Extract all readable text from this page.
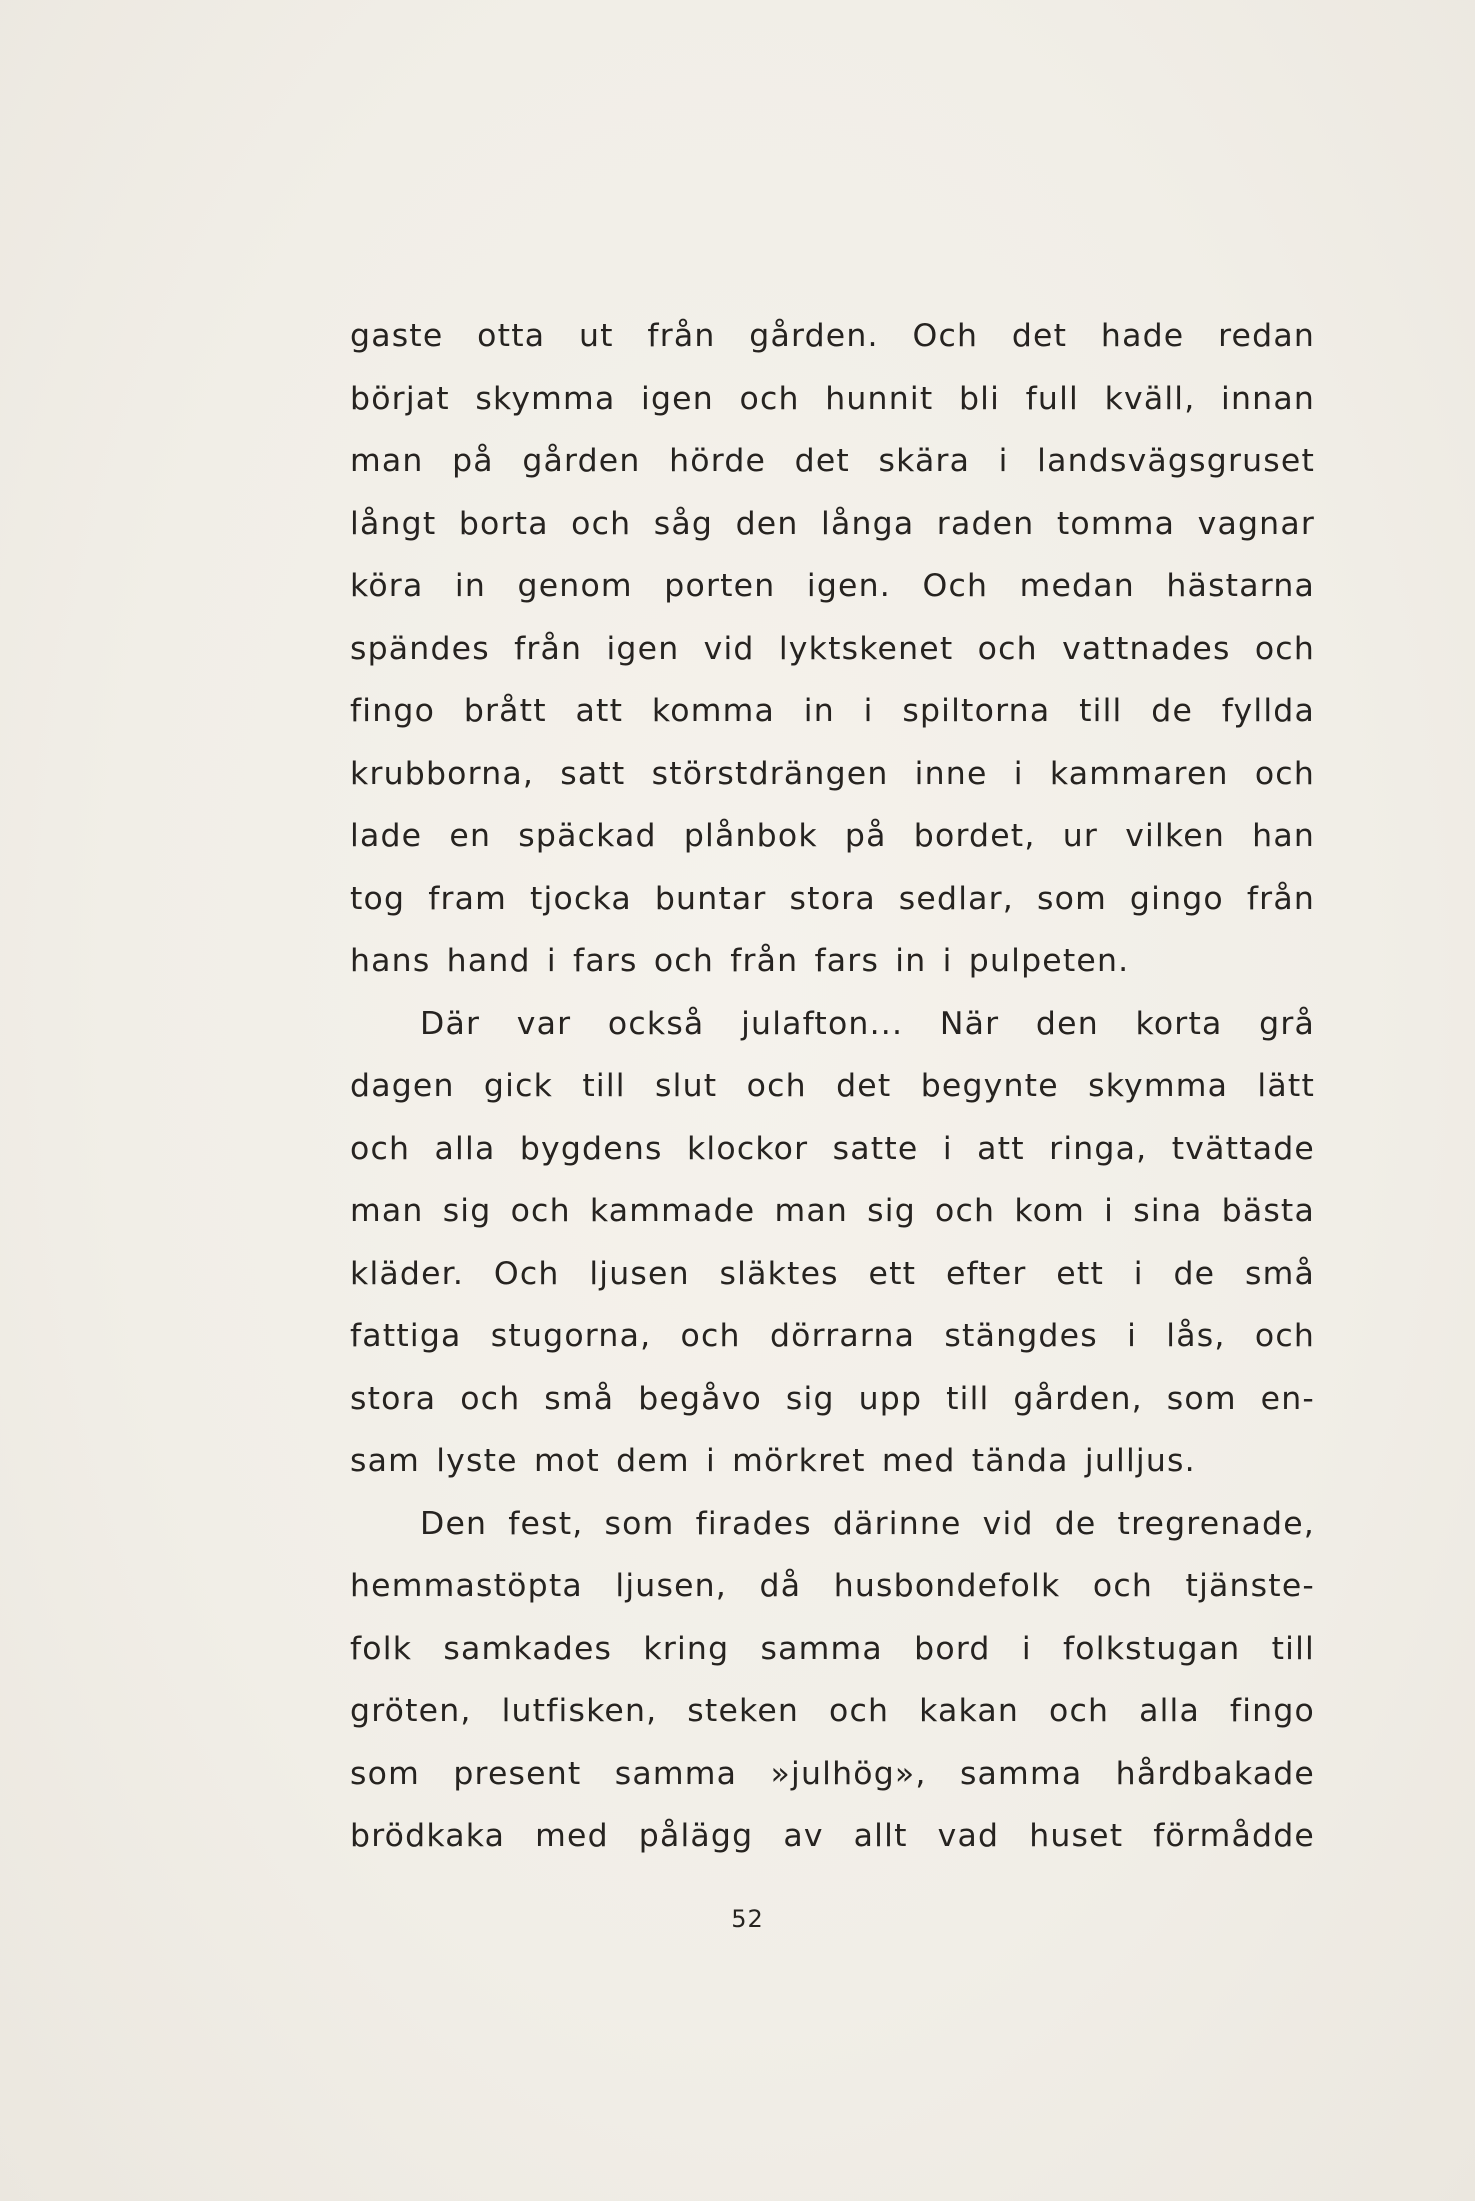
gaste otta ut från gården. Och det hade redan
börjat skymma igen och hunnit bli full kväll, innan
man på gården hörde det skära i landsvägsgruset
långt borta och såg den långa raden tomma vagnar
köra in genom porten igen. Och medan hästarna
spändes från igen vid lyktskenet och vattnades och
fingo brått att komma in i spiltorna till de fyllda
krubborna, satt störstdrängen inne i kammaren och
lade en späckad plånbok på bordet, ur vilken han
tog fram tjocka buntar stora sedlar, som gingo från
hans hand i fars och från fars in i pulpeten.
Där var också julafton... När den korta grå
dagen gick till slut och det begynte skymma lätt
och alla bygdens klockor satte i att ringa, tvättade
man sig och kammade man sig och kom i sina bästa
kläder. Och ljusen släktes ett efter ett i de små
fattiga stugorna, och dörrarna stängdes i lås, och
stora och små begåvo sig upp till gården, som en-
sam lyste mot dem i mörkret med tända julljus.
Den fest, som firades därinne vid de tregrenade,
hemmastöpta ljusen, då husbondefolk och tjänste-
folk samkades kring samma bord i folkstugan till
gröten, lutfisken, steken och kakan och alla fingo
som present samma »julhög», samma hårdbakade
brödkaka med pålägg av allt vad huset förmådde
52
